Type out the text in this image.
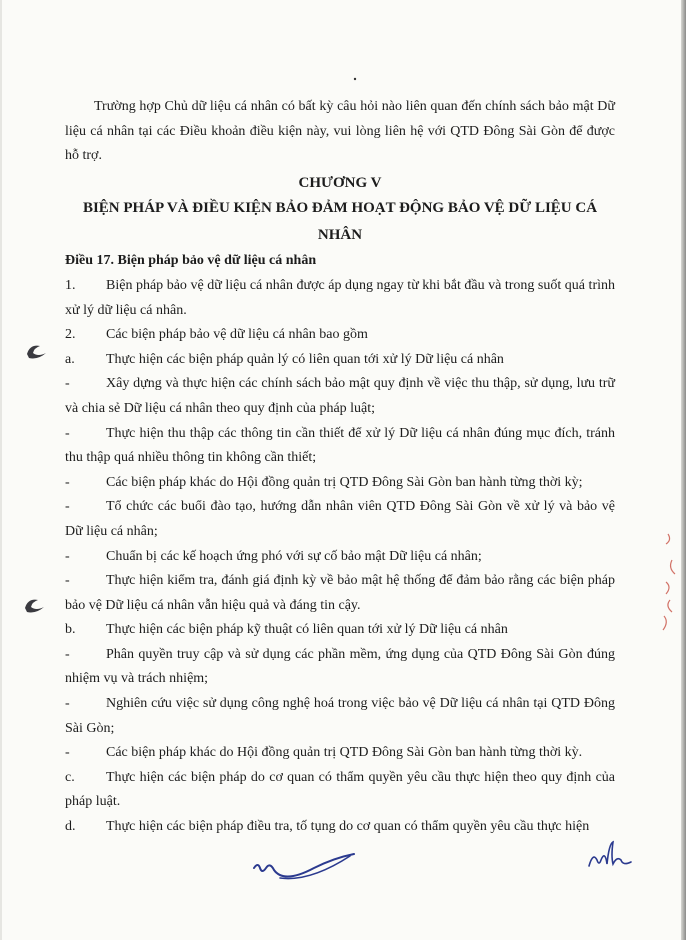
Trường hợp Chủ dữ liệu cá nhân có bất kỳ câu hỏi nào liên quan đến chính sách bảo mật Dữ liệu cá nhân tại các Điều khoản điều kiện này, vui lòng liên hệ với QTD Đông Sài Gòn để được hỗ trợ.

CHƯƠNG V

BIỆN PHÁP VÀ ĐIỀU KIỆN BẢO ĐẢM HOẠT ĐỘNG BẢO VỆ DỮ LIỆU CÁ NHÂN

Điều 17. Biện pháp bảo vệ dữ liệu cá nhân

1. Biện pháp bảo vệ dữ liệu cá nhân được áp dụng ngay từ khi bắt đầu và trong suốt quá trình xử lý dữ liệu cá nhân.

2. Các biện pháp bảo vệ dữ liệu cá nhân bao gồm

a. Thực hiện các biện pháp quản lý có liên quan tới xử lý Dữ liệu cá nhân

-	Xây dựng và thực hiện các chính sách bảo mật quy định về việc thu thập, sử dụng, lưu trữ và chia sẻ Dữ liệu cá nhân theo quy định của pháp luật;

-	Thực hiện thu thập các thông tin cần thiết để xử lý Dữ liệu cá nhân đúng mục đích, tránh thu thập quá nhiều thông tin không cần thiết;

-	Các biện pháp khác do Hội đồng quản trị QTD Đông Sài Gòn ban hành từng thời kỳ;

-	Tổ chức các buổi đào tạo, hướng dẫn nhân viên QTD Đông Sài Gòn về xử lý và bảo vệ Dữ liệu cá nhân;

-	Chuẩn bị các kế hoạch ứng phó với sự cố bảo mật Dữ liệu cá nhân;

-	Thực hiện kiểm tra, đánh giá định kỳ về bảo mật hệ thống để đảm bảo rằng các biện pháp bảo vệ Dữ liệu cá nhân vẫn hiệu quả và đáng tin cậy.

b. Thực hiện các biện pháp kỹ thuật có liên quan tới xử lý Dữ liệu cá nhân

-	Phân quyền truy cập và sử dụng các phần mềm, ứng dụng của QTD Đông Sài Gòn đúng nhiệm vụ và trách nhiệm;

-	Nghiên cứu việc sử dụng công nghệ hoá trong việc bảo vệ Dữ liệu cá nhân tại QTD Đông Sài Gòn;

-	Các biện pháp khác do Hội đồng quản trị QTD Đông Sài Gòn ban hành từng thời kỳ.

c. Thực hiện các biện pháp do cơ quan có thẩm quyền yêu cầu thực hiện theo quy định của pháp luật.

d. Thực hiện các biện pháp điều tra, tố tụng do cơ quan có thẩm quyền yêu cầu thực hiện
